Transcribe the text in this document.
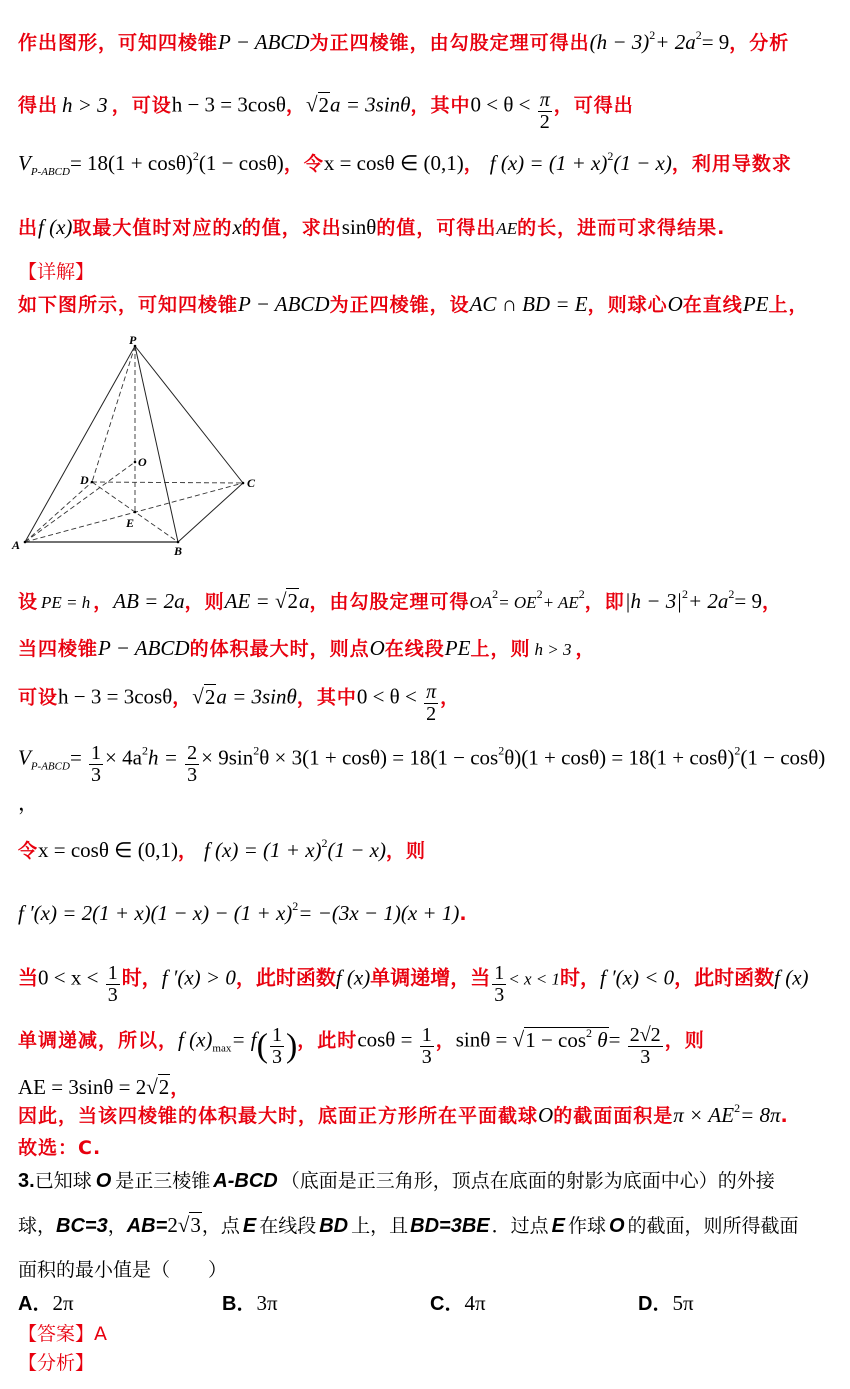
作出图形，可知四棱锥 P − ABCD 为正四棱锥，由勾股定理可得出 $(h - 3)^2 + 2a^2 = 9$ ，分析
得出 h > 3 ，可设 h − 3 = 3cosθ ， √2 a = 3sinθ ，其中 $0 < \theta < \frac{\pi}{2}$ ，可得出
$V_{P-ABCD} = 18(1 + \cos\theta)^2$ (1 − cosθ) ，令 x = cosθ ∈ (0,1) ， f $(x) = (1 + x)^2$ (1 − x) ，利用导数求
出 f (x) 取最大值时对应的 x 的值，求出 sinθ 的值，可得出 AE 的长，进而可求得结果.
【详解】
如下图所示，可知四棱锥 P − ABCD 为正四棱锥，设 AC ∩ BD = E ，则球心 O 在直线 PE 上，
P
O
D	C
E
A	B
设 PE = h ， AB = 2a ，则 AE = √2 a ，由勾股定理可得 $OA^2 = OE^2 + AE^2$ ，即 $|h - 3|^2 + 2a^2 = 9$ ，
当四棱锥 P − ABCD 的体积最大时，则点 O 在线段 PE 上，则 h > 3 ，
可设 h − 3 = 3cosθ ， √2 a = 3sinθ ，其中 $0 < \theta < \frac{\pi}{2}$ ，
$V_{P-ABCD} = \frac{1}{3} \times 4a^2$ $h = \frac{2}{3} \times 9\sin^2$ $\theta \times 3(1 + \cos\theta) = 18(1 - \cos^2 \theta)(1 + \cos\theta) = 18(1 + \cos\theta)^2$ (1 − cosθ)
，
令 x = cosθ ∈ (0,1) ， f $(x) = (1 + x)^2$ (1 − x) ，则
f $'(x) = 2(1 + x)(1 - x) - (1 + x)^2 = -(3x - 1)(x + 1)$ .
当 $0 < x < \frac{1}{3}$ 时， f ′(x) > 0 ，此时函数 f (x) 单调递增，当 $\frac{1}{3} < x < 1$ 时， f ′(x) < 0 ，此时函数 f (x)
单调递减，所以， f $(x)_{max} = f$ ( $\frac{1}{3}$ ) ，此时 $\cos\theta = \frac{1}{3}$ ， $\sin\theta = √1 - \cos^2 \theta = \frac{2√2}{3}$ ，则
AE = 3sinθ = 2 √2 ，
因此，当该四棱锥的体积最大时，底面正方形所在平面截球 O 的截面面积是 $\pi \times AE^2 = 8\pi$ .
故选：C.
3. 已知球 O 是正三棱锥 A-BCD （底面是正三角形，顶点在底面的射影为底面中心）的外接
球， BC=3 ， AB= 2 √3 ，点 E 在线段 BD 上，且 BD=3BE ．过点 E 作球 O 的截面，则所得截面
面积的最小值是（　　）
A．2π	B．3π	C．4π	D．5π
【答案】A
【分析】
